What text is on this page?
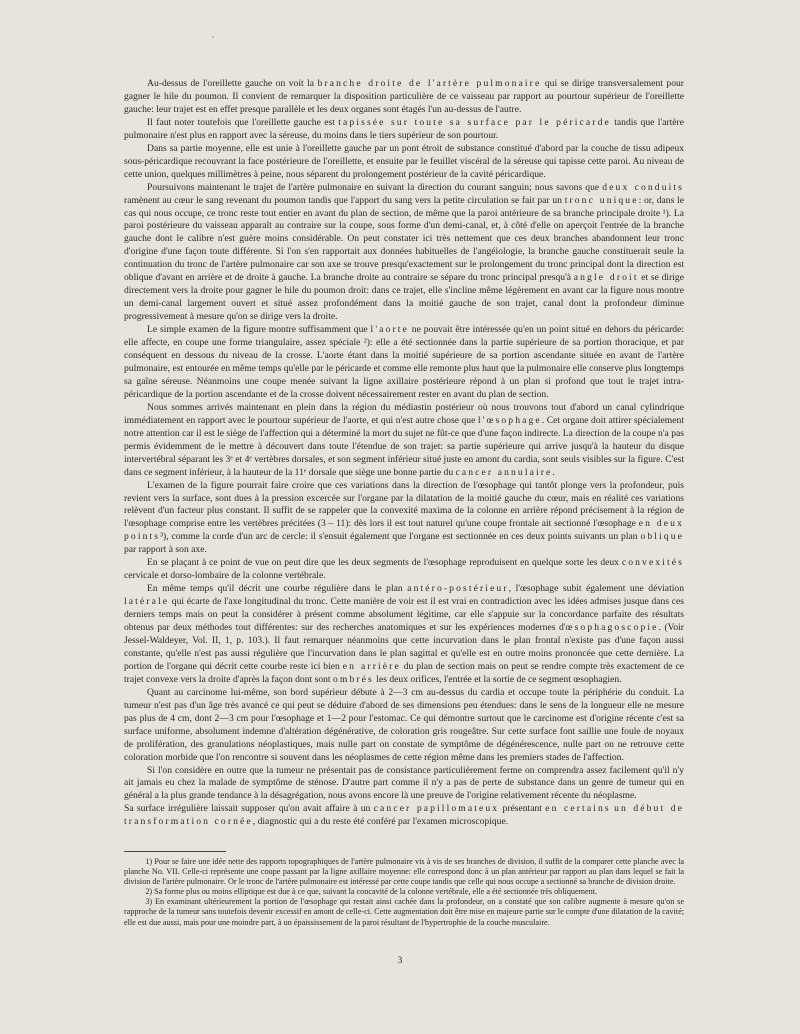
Au-dessus de l'oreillette gauche on voit la branche droite de l'artère pulmonaire qui se dirige transversalement pour gagner le hile du poumon. Il convient de remarquer la disposition particulière de ce vaisseau par rapport au pourtour supérieur de l'oreillette gauche: leur trajet est en effet presque parallèle et les deux organes sont étagés l'un au-dessus de l'autre.

Il faut noter toutefois que l'oreillette gauche est tapissée sur toute sa surface par le péricarde tandis que l'artère pulmonaire n'est plus en rapport avec la séreuse, du moins dans le tiers supérieur de son pourtour.

Dans sa partie moyenne, elle est unie à l'oreillette gauche par un pont étroit de substance constitué d'abord par la couche de tissu adipeux sous-péricardique recouvrant la face postérieure de l'oreillette, et ensuite par le feuillet viscéral de la séreuse qui tapisse cette paroi. Au niveau de cette union, quelques millimètres à peine, nous séparent du prolongement postérieur de la cavité péricardique.

Poursuivons maintenant le trajet de l'artère pulmonaire en suivant la direction du courant sanguin; nous savons que deux conduits ramènent au cœur le sang revenant du poumon tandis que l'apport du sang vers la petite circulation se fait par un tronc unique: or, dans le cas qui nous occupe, ce tronc reste tout entier en avant du plan de section, de même que la paroi antérieure de sa branche principale droite ¹). La paroi postérieure du vaisseau apparaît au contraire sur la coupe, sous forme d'un demi-canal, et, à côté d'elle on aperçoit l'entrée de la branche gauche dont le calibre n'est guère moins considérable. On peut constater ici très nettement que ces deux branches abandonnent leur tronc d'origine d'une façon toute différente. Si l'on s'en rapportait aux données habituelles de l'angéiologie, la branche gauche constituerait seule la continuation du tronc de l'artère pulmonaire car son axe se trouve presqu'exactement sur le prolongement du tronc principal dont la direction est oblique d'avant en arrière et de droite à gauche. La branche droite au contraire se sépare du tronc principal presqu'à angle droit et se dirige directement vers la droite pour gagner le hile du poumon droit: dans ce trajet, elle s'incline même légèrement en avant car la figure nous montre un demi-canal largement ouvert et situé assez profondément dans la moitié gauche de son trajet, canal dont la profondeur diminue progressivement à mesure qu'on se dirige vers la droite.

Le simple examen de la figure montre suffisamment que l'aorte ne pouvait être intéressée qu'en un point situé en dehors du péricarde: elle affecte, en coupe une forme triangulaire, assez spéciale ²): elle a été sectionnée dans la partie supérieure de sa portion thoracique, et par conséquent en dessous du niveau de la crosse. L'aorte étant dans la moitié supérieure de sa portion ascendante située en avant de l'artère pulmonaire, est entourée en même temps qu'elle par le péricarde et comme elle remonte plus haut que la pulmonaire elle conserve plus longtemps sa gaîne séreuse. Néanmoins une coupe menée suivant la ligne axillaire postérieure répond à un plan si profond que tout le trajet intra-péricardique de la portion ascendante et de la crosse doivent nécessairement rester en avant du plan de section.

Nous sommes arrivés maintenant en plein dans la région du médiastin postérieur où nous trouvons tout d'abord un canal cylindrique immédiatement en rapport avec le pourtour supérieur de l'aorte, et qui n'est autre chose que l'œsophage. Cet organe doit attirer spécialement notre attention car il est le siège de l'affection qui a déterminé la mort du sujet ne fût-ce que d'une façon indirecte. La direction de la coupe n'a pas permis évidemment de le mettre à découvert dans toute l'étendue de son trajet: sa partie supérieure qui arrive jusqu'à la hauteur du disque intervertébral séparant les 3ᵉ et 4ᵉ vertèbres dorsales, et son segment inférieur situé juste en amont du cardia, sont seuls visibles sur la figure. C'est dans ce segment inférieur, à la hauteur de la 11ᵉ dorsale que siège une bonne partie du cancer annulaire.

L'examen de la figure pourrait faire croire que ces variations dans la direction de l'œsophage qui tantôt plonge vers la profondeur, puis revient vers la surface, sont dues à la pression excercée sur l'organe par la dilatation de la moitié gauche du cœur, mais en réalité ces variations relèvent d'un facteur plus constant. Il suffit de se rappeler que la convexité maxima de la colonne en arrière répond précisement à la région de l'œsophage comprise entre les vertèbres précitées (3 – 11): dès lors il est tout naturel qu'une coupe frontale ait sectionné l'œsophage en deux points³), comme la corde d'un arc de cercle: il s'ensuit également que l'organe est sectionnée en ces deux points suivants un plan oblique par rapport à son axe.

En se plaçant à ce point de vue on peut dire que les deux segments de l'œsophage reproduisent en quelque sorte les deux convexités cervicale et dorso-lombaire de la colonne vertébrale.

En même temps qu'il décrit une courbe régulière dans le plan antéro-postérieur, l'œsophage subit également une déviation latérale qui écarte de l'axe longitudinal du tronc. Cette manière de voir est il est vrai en contradiction avec les idées admises jusque dans ces derniers temps mais on peut la considérer à présent comme absolument légitime, car elle s'appuie sur la concordance parfaite des résultats obtenus par deux méthodes tout différentes: sur des recherches anatomiques et sur les expériences modernes d'œsophagoscopie. (Voir Jessel-Waldeyer, Vol. II, 1, p. 103.). Il faut remarquer néanmoins que cette incurvation dans le plan frontal n'existe pas d'une façon aussi constante, qu'elle n'est pas aussi régulière que l'incurvation dans le plan sagittal et qu'elle est en outre moins prononcée que cette dernière. La portion de l'organe qui décrit cette courbe reste ici bien en arrière du plan de section mais on peut se rendre compte très exactement de ce trajet convexe vers la droite d'après la façon dont sont ombrés les deux orifices, l'entrée et la sortie de ce segment œsophagien.

Quant au carcinome lui-même, son bord supérieur débute à 2—3 cm au-dessus du cardia et occupe toute la périphérie du conduit. La tumeur n'est pas d'un âge très avancé ce qui peut se déduire d'abord de ses dimensions peu étendues: dans le sens de la longueur elle ne mesure pas plus de 4 cm, dont 2—3 cm pour l'œsophage et 1—2 pour l'estomac. Ce qui démontre surtout que le carcinome est d'origine récente c'est sa surface uniforme, absolument indemne d'altération dégénérative, de coloration gris rougeâtre. Sur cette surface font saillie une foule de noyaux de prolifération, des granulations néoplastiques, mais nulle part on constate de symptôme de dégénérescence, nulle part on ne retrouve cette coloration morbide que l'on rencontre si souvent dans les néoplasmes de cette région même dans les premiers stades de l'affection.

Si l'on considère en outre que la tumeur ne présentait pas de consistance particulièrement ferme on comprendra assez facilement qu'il n'y ait jamais eu chez la malade de symptôme de sténose. D'autre part comme il n'y a pas de perte de substance dans un genre de tumeur qui en général a la plus grande tendance à la désagrégation, nous avons encore là une preuve de l'origine relativement récente du néoplasme.

Sa surface irrégulière laissait supposer qu'on avait affaire à un cancer papillomateux présentant en certains un début de transformation cornée, diagnostic qui a du reste été conféré par l'examen microscopique.

1) Pour se faire une idée nette des rapports topographiques de l'artère pulmonaire vis à vis de ses branches de division, il suffit de la comparer cette planche avec la planche No. VII. Celle-ci représente une coupe passant par la ligne axillaire moyenne: elle correspond donc à un plan antérieur par rapport au plan dans lequel se fait la division de l'artère pulmonaire. Or le tronc de l'artère pulmonaire est intéressé par cette coupe tandis que celle qui nous occupe a sectionné sa branche de division droite.

2) Sa forme plus ou moins elliptique est due à ce que, suivant la concavité de la colonne vertébrale, elle a été sectionnée très obliquement.

3) En examinant ultérieurement la portion de l'œsophage qui restait ainsi cachée dans la profondeur, on a constaté que son calibre augmente à mesure qu'on se rapproche de la tumeur sans toutefois devenir excessif en amont de celle-ci. Cette augmentation doit être mise en majeure partie sur le compte d'une dilatation de la cavité; elle est due aussi, mais pour une moindre part, à un épaississement de la paroi résultant de l'hypertrophie de la couche musculaire.

3
